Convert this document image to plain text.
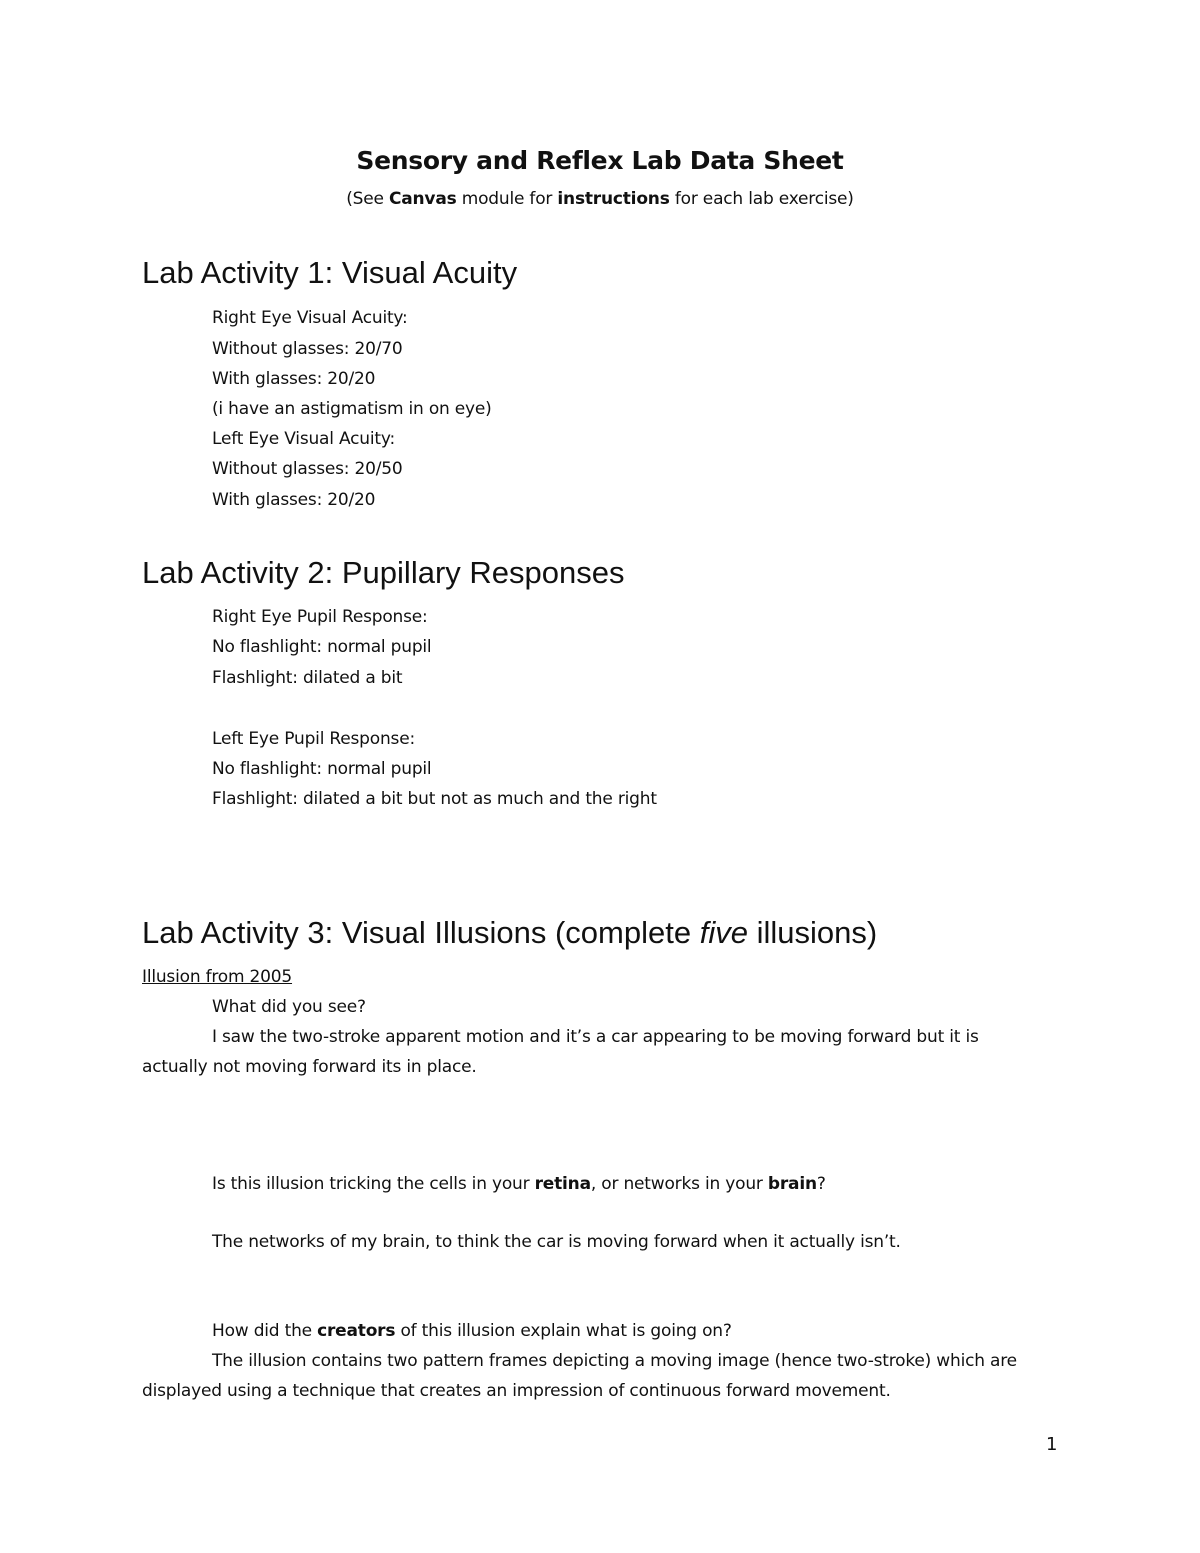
Sensory and Reflex Lab Data Sheet
(See Canvas module for instructions for each lab exercise)
Lab Activity 1: Visual Acuity
Right Eye Visual Acuity:
Without glasses: 20/70
With glasses: 20/20
(i have an astigmatism in on eye)
Left Eye Visual Acuity:
Without glasses: 20/50
With glasses: 20/20
Lab Activity 2: Pupillary Responses
Right Eye Pupil Response:
No flashlight: normal pupil
Flashlight: dilated a bit
Left Eye Pupil Response:
No flashlight: normal pupil
Flashlight: dilated a bit but not as much and the right
Lab Activity 3: Visual Illusions (complete five illusions)
Illusion from 2005
What did you see?
I saw the two-stroke apparent motion and it’s a car appearing to be moving forward but it is
actually not moving forward its in place.
Is this illusion tricking the cells in your retina, or networks in your brain?
The networks of my brain, to think the car is moving forward when it actually isn’t.
How did the creators of this illusion explain what is going on?
The illusion contains two pattern frames depicting a moving image (hence two-stroke) which are
displayed using a technique that creates an impression of continuous forward movement.
1
